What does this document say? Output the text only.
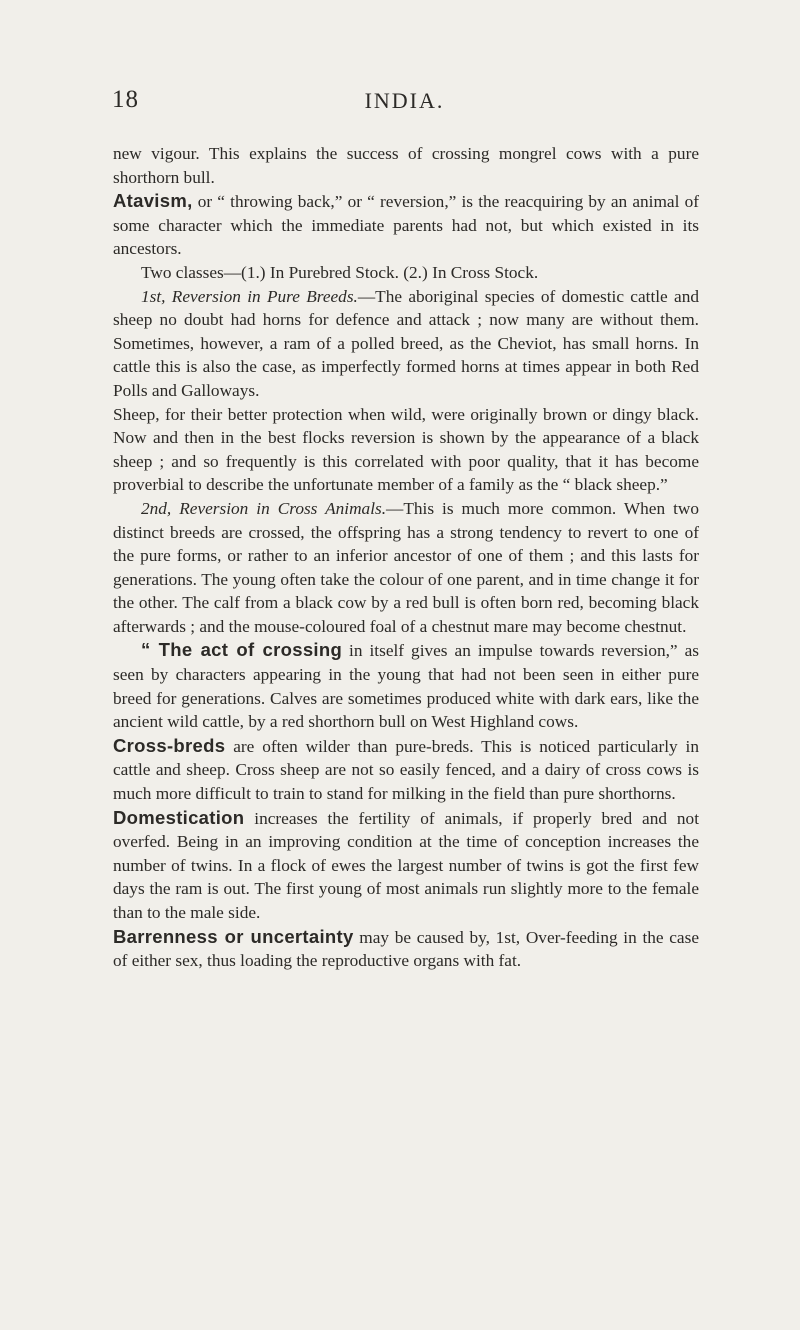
18	INDIA.

new vigour. This explains the success of crossing mongrel cows with a pure shorthorn bull.

Atavism, or “ throwing back,” or “ reversion,” is the reacquiring by an animal of some character which the immediate parents had not, but which existed in its ancestors.

Two classes—(1.) In Purebred Stock. (2.) In Cross Stock.

1st, Reversion in Pure Breeds.—The aboriginal species of domestic cattle and sheep no doubt had horns for defence and attack ; now many are without them. Sometimes, however, a ram of a polled breed, as the Cheviot, has small horns. In cattle this is also the case, as imperfectly formed horns at times appear in both Red Polls and Galloways.

Sheep, for their better protection when wild, were originally brown or dingy black. Now and then in the best flocks reversion is shown by the appearance of a black sheep ; and so frequently is this correlated with poor quality, that it has become proverbial to describe the unfortunate member of a family as the “ black sheep.”

2nd, Reversion in Cross Animals.—This is much more common. When two distinct breeds are crossed, the offspring has a strong tendency to revert to one of the pure forms, or rather to an inferior ancestor of one of them ; and this lasts for generations. The young often take the colour of one parent, and in time change it for the other. The calf from a black cow by a red bull is often born red, becoming black afterwards ; and the mouse-coloured foal of a chestnut mare may become chestnut.

“ The act of crossing in itself gives an impulse towards reversion,” as seen by characters appearing in the young that had not been seen in either pure breed for generations. Calves are sometimes produced white with dark ears, like the ancient wild cattle, by a red shorthorn bull on West Highland cows.

Cross-breds are often wilder than pure-breds. This is noticed particularly in cattle and sheep. Cross sheep are not so easily fenced, and a dairy of cross cows is much more difficult to train to stand for milking in the field than pure shorthorns.

Domestication increases the fertility of animals, if properly bred and not overfed. Being in an improving condition at the time of conception increases the number of twins. In a flock of ewes the largest number of twins is got the first few days the ram is out. The first young of most animals run slightly more to the female than to the male side.

Barrenness or uncertainty may be caused by, 1st, Over-feeding in the case of either sex, thus loading the reproductive organs with fat.
